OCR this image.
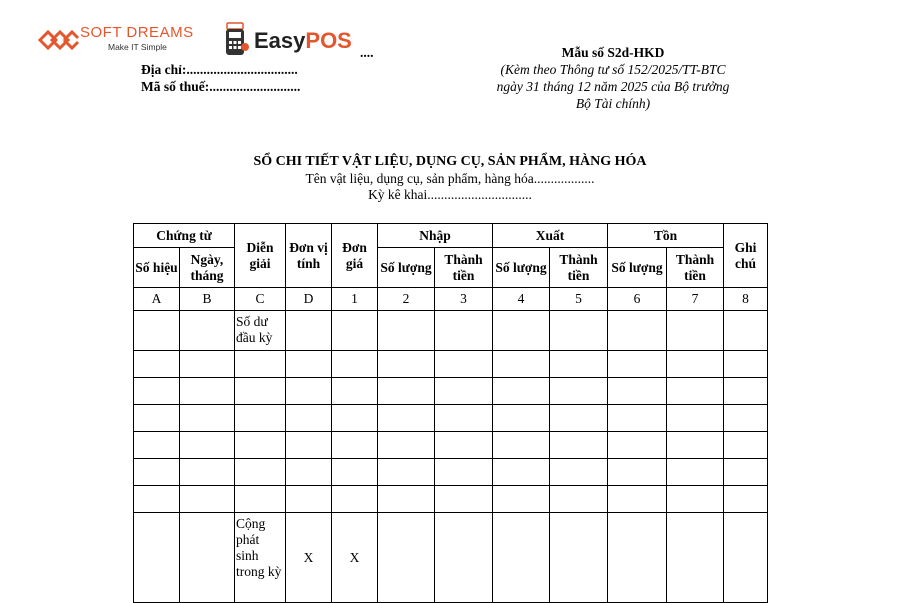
SOFT DREAMS
Make IT Simple	EasyPOS ....
Địa chỉ:.................................
Mã số thuế:...........................
Mẫu số S2d-HKD
(Kèm theo Thông tư số 152/2025/TT-BTC
ngày 31 tháng 12 năm 2025 của Bộ trưởng
Bộ Tài chính)
SỔ CHI TIẾT VẬT LIỆU, DỤNG CỤ, SẢN PHẨM, HÀNG HÓA
Tên vật liệu, dụng cụ, sản phẩm, hàng hóa..................
Kỳ kê khai...............................
Chứng từ		Diễn giải	Đơn vị tính	Đơn giá	Nhập		Xuất		Tồn		Ghi chú
Số hiệu	Ngày, tháng				Số lượng	Thành tiền	Số lượng	Thành tiền	Số lượng	Thành tiền	
A	B	C	D	1	2	3	4	5	6	7	8
		Số dư đầu kỳ									

		Cộng phát sinh trong kỳ	X	X							
